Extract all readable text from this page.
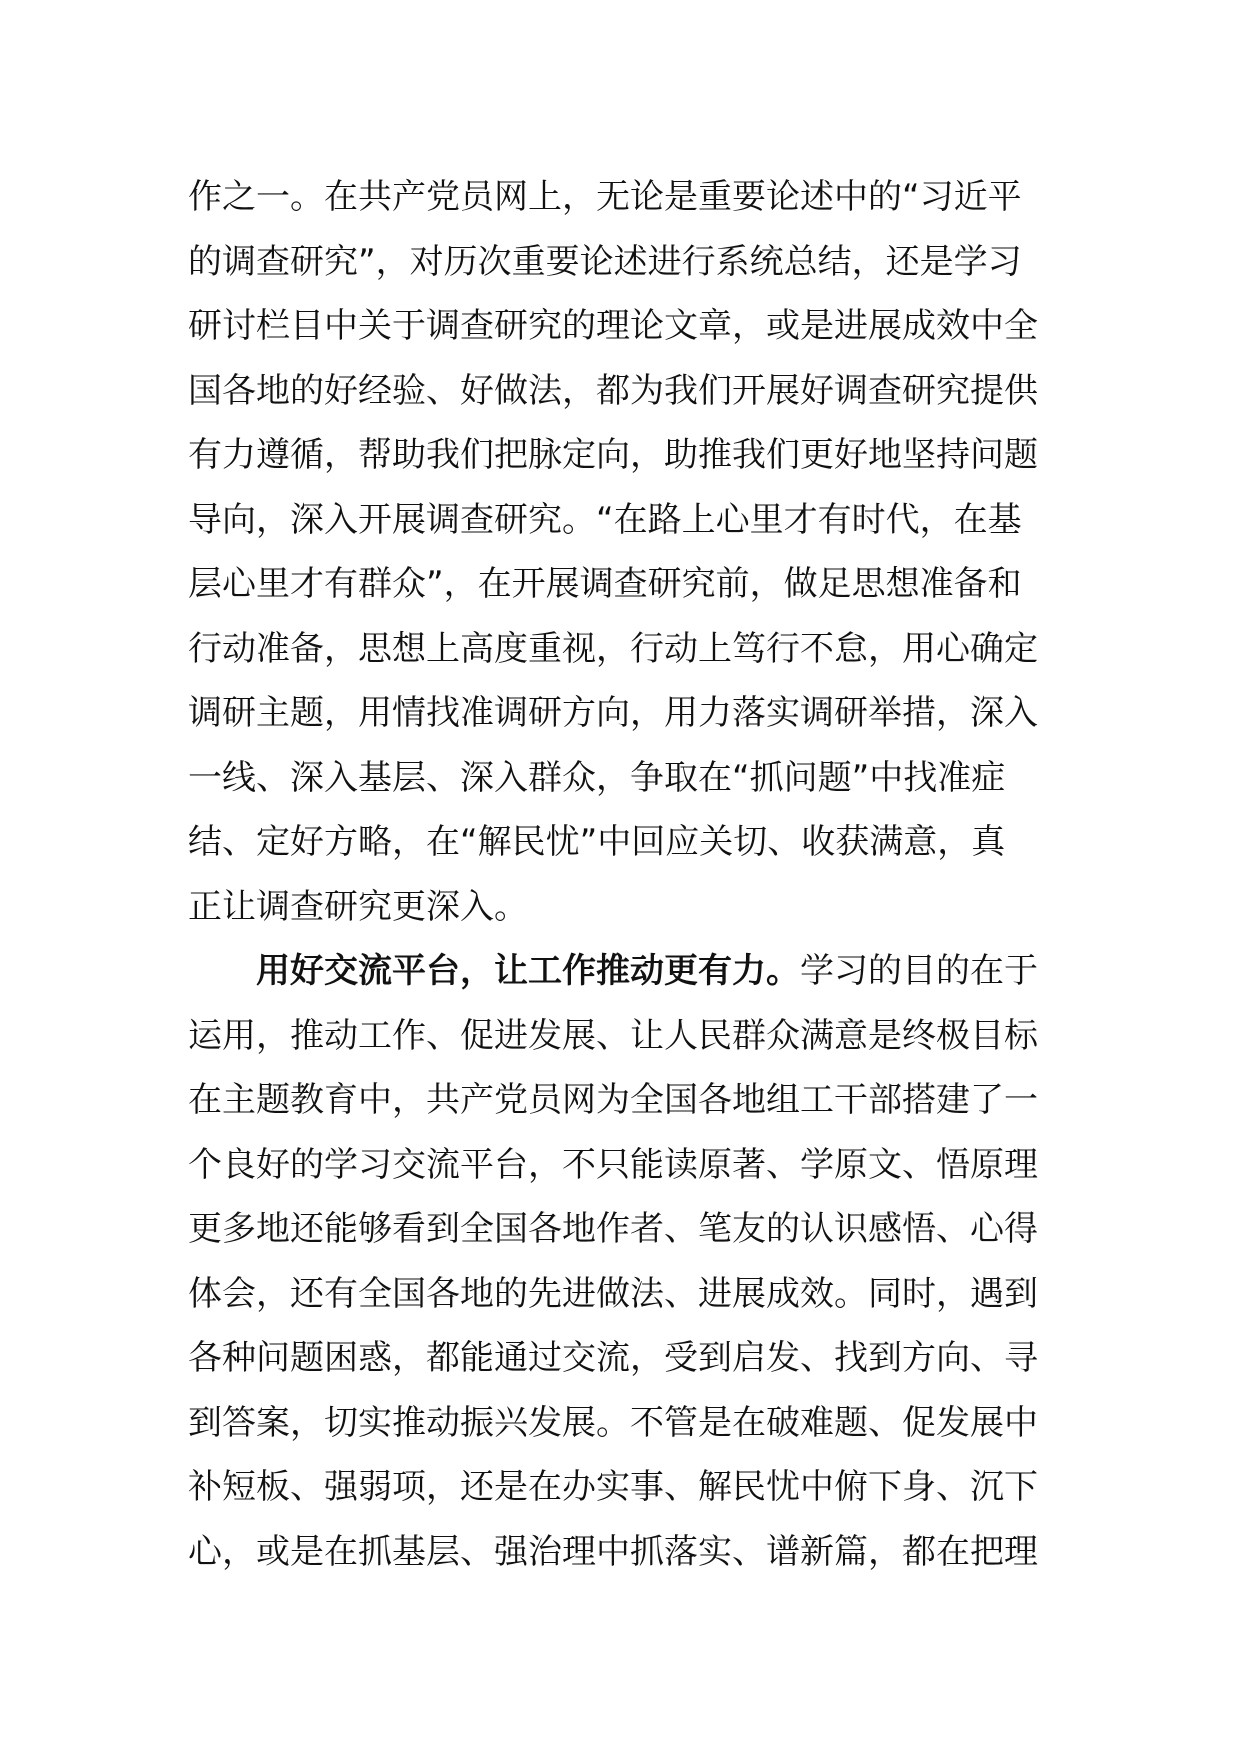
作之一。在共产党员网上，无论是重要论述中的“习近平
的调查研究”，对历次重要论述进行系统总结，还是学习
研讨栏目中关于调查研究的理论文章，或是进展成效中全
国各地的好经验、好做法，都为我们开展好调查研究提供
有力遵循，帮助我们把脉定向，助推我们更好地坚持问题
导向，深入开展调查研究。“在路上心里才有时代，在基
层心里才有群众”，在开展调查研究前，做足思想准备和
行动准备，思想上高度重视，行动上笃行不怠，用心确定
调研主题，用情找准调研方向，用力落实调研举措，深入
一线、深入基层、深入群众，争取在“抓问题”中找准症
结、定好方略，在“解民忧”中回应关切、收获满意，真
正让调查研究更深入。
用好交流平台，让工作推动更有力。学习的目的在于
运用，推动工作、促进发展、让人民群众满意是终极目标
在主题教育中，共产党员网为全国各地组工干部搭建了一
个良好的学习交流平台，不只能读原著、学原文、悟原理
更多地还能够看到全国各地作者、笔友的认识感悟、心得
体会，还有全国各地的先进做法、进展成效。同时，遇到
各种问题困惑，都能通过交流，受到启发、找到方向、寻
到答案，切实推动振兴发展。不管是在破难题、促发展中
补短板、强弱项，还是在办实事、解民忧中俯下身、沉下
心，或是在抓基层、强治理中抓落实、谱新篇，都在把理
